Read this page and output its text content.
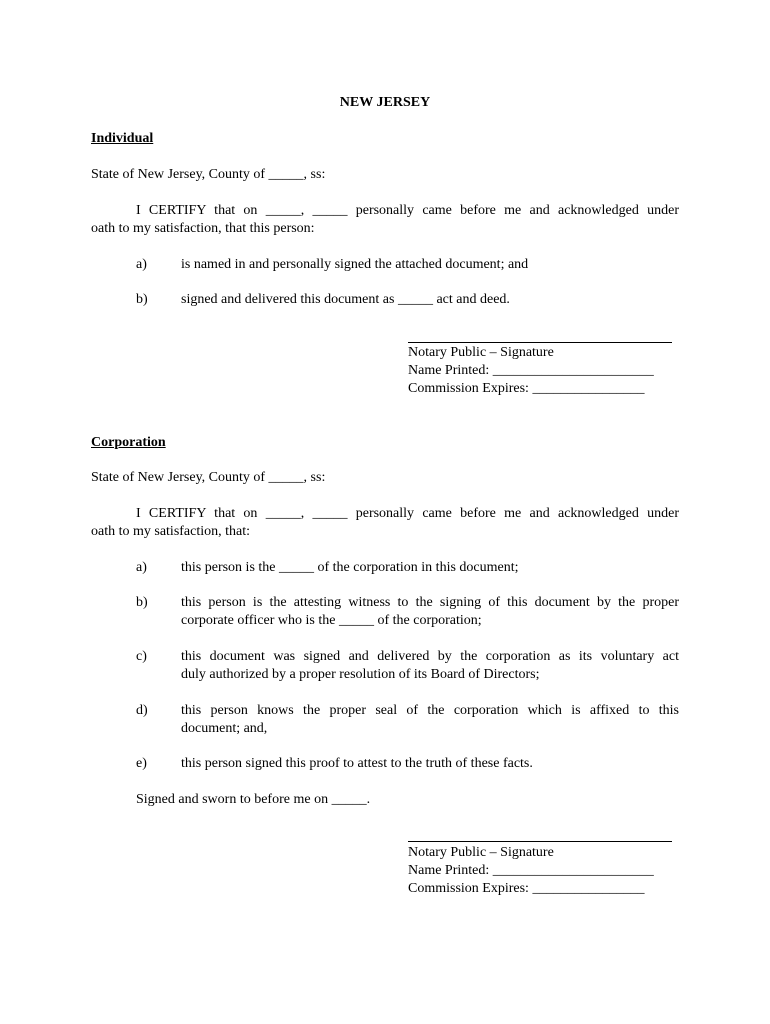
NEW JERSEY
Individual
State of New Jersey, County of _____, ss:
I CERTIFY that on _____, _____ personally came before me and acknowledged under
oath to my satisfaction, that this person:
a) is named in and personally signed the attached document; and
b) signed and delivered this document as _____ act and deed.
Notary Public – Signature
Name Printed: _______________________
Commission Expires: ________________
Corporation
State of New Jersey, County of _____, ss:
I CERTIFY that on _____, _____ personally came before me and acknowledged under
oath to my satisfaction, that:
a) this person is the _____ of the corporation in this document;
b) this person is the attesting witness to the signing of this document by the proper
corporate officer who is the _____ of the corporation;
c) this document was signed and delivered by the corporation as its voluntary act
duly authorized by a proper resolution of its Board of Directors;
d) this person knows the proper seal of the corporation which is affixed to this
document; and,
e) this person signed this proof to attest to the truth of these facts.
Signed and sworn to before me on _____.
Notary Public – Signature
Name Printed: _______________________
Commission Expires: ________________
